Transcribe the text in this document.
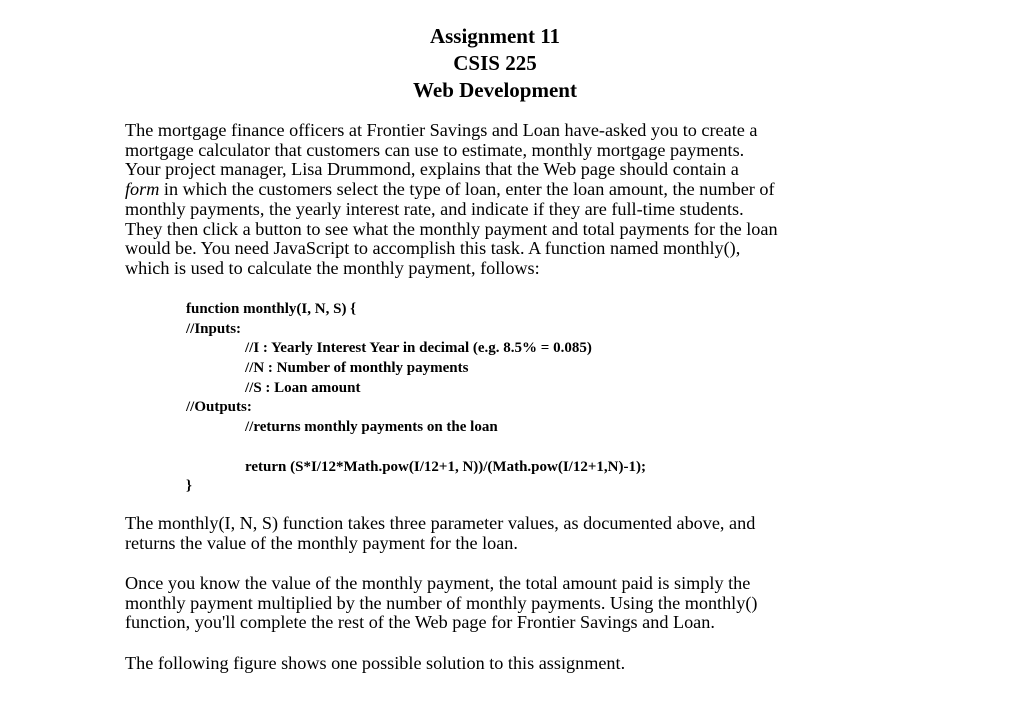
Assignment 11
CSIS 225
Web Development
The mortgage finance officers at Frontier Savings and Loan have-asked you to create a
mortgage calculator that customers can use to estimate, monthly mortgage payments.
Your project manager, Lisa Drummond, explains that the Web page should contain a
form in which the customers select the type of loan, enter the loan amount, the number of
monthly payments, the yearly interest rate, and indicate if they are full-time students.
They then click a button to see what the monthly payment and total payments for the loan
would be. You need JavaScript to accomplish this task. A function named monthly(),
which is used to calculate the monthly payment, follows:
function monthly(I, N, S) {
//Inputs:
//I : Yearly Interest Year in decimal (e.g. 8.5% = 0.085)
//N : Number of monthly payments
//S : Loan amount
//Outputs:
//returns monthly payments on the loan
return (S*I/12*Math.pow(I/12+1, N))/(Math.pow(I/12+1,N)-1);
}
The monthly(I, N, S) function takes three parameter values, as documented above, and
returns the value of the monthly payment for the loan.
Once you know the value of the monthly payment, the total amount paid is simply the
monthly payment multiplied by the number of monthly payments. Using the monthly()
function, you'll complete the rest of the Web page for Frontier Savings and Loan.
The following figure shows one possible solution to this assignment.
